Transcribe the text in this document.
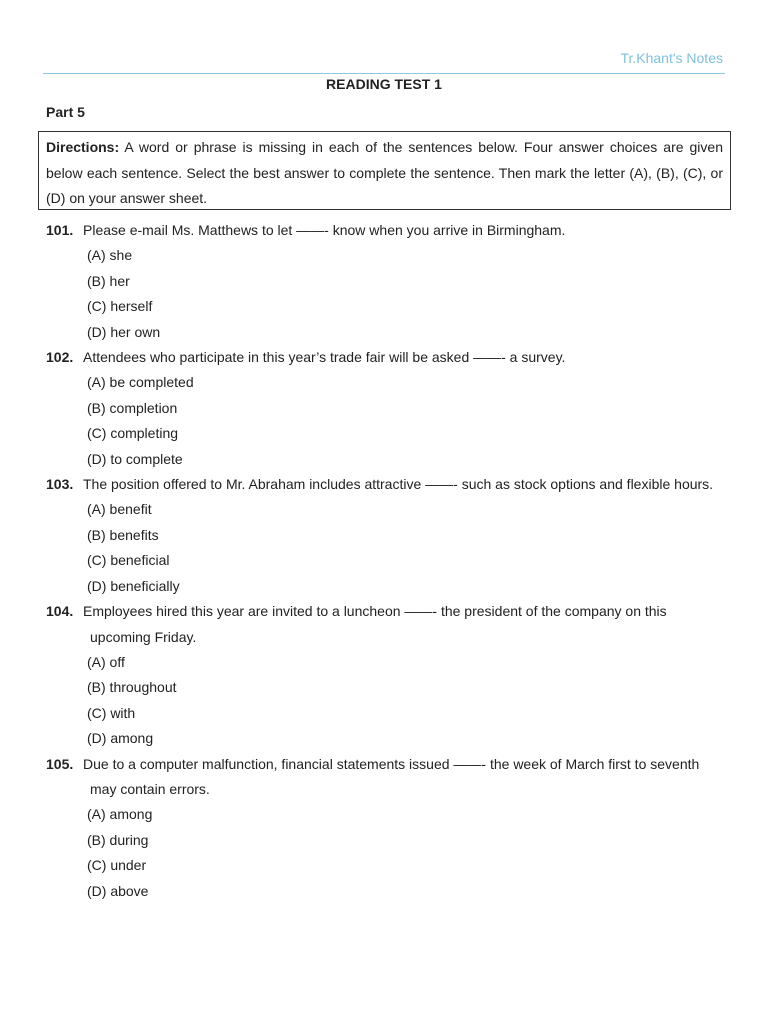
Tr.Khant's Notes
READING TEST 1
Part 5
Directions: A word or phrase is missing in each of the sentences below. Four answer choices are given below each sentence. Select the best answer to complete the sentence. Then mark the letter (A), (B), (C), or (D) on your answer sheet.
101. Please e-mail Ms. Matthews to let ——- know when you arrive in Birmingham.
(A) she
(B) her
(C) herself
(D) her own
102. Attendees who participate in this year’s trade fair will be asked ——- a survey.
(A) be completed
(B) completion
(C) completing
(D) to complete
103. The position offered to Mr. Abraham includes attractive ——- such as stock options and flexible hours.
(A) benefit
(B) benefits
(C) beneficial
(D) beneficially
104. Employees hired this year are invited to a luncheon ——- the president of the company on this upcoming Friday.
(A) off
(B) throughout
(C) with
(D) among
105. Due to a computer malfunction, financial statements issued ——- the week of March first to seventh may contain errors.
(A) among
(B) during
(C) under
(D) above
